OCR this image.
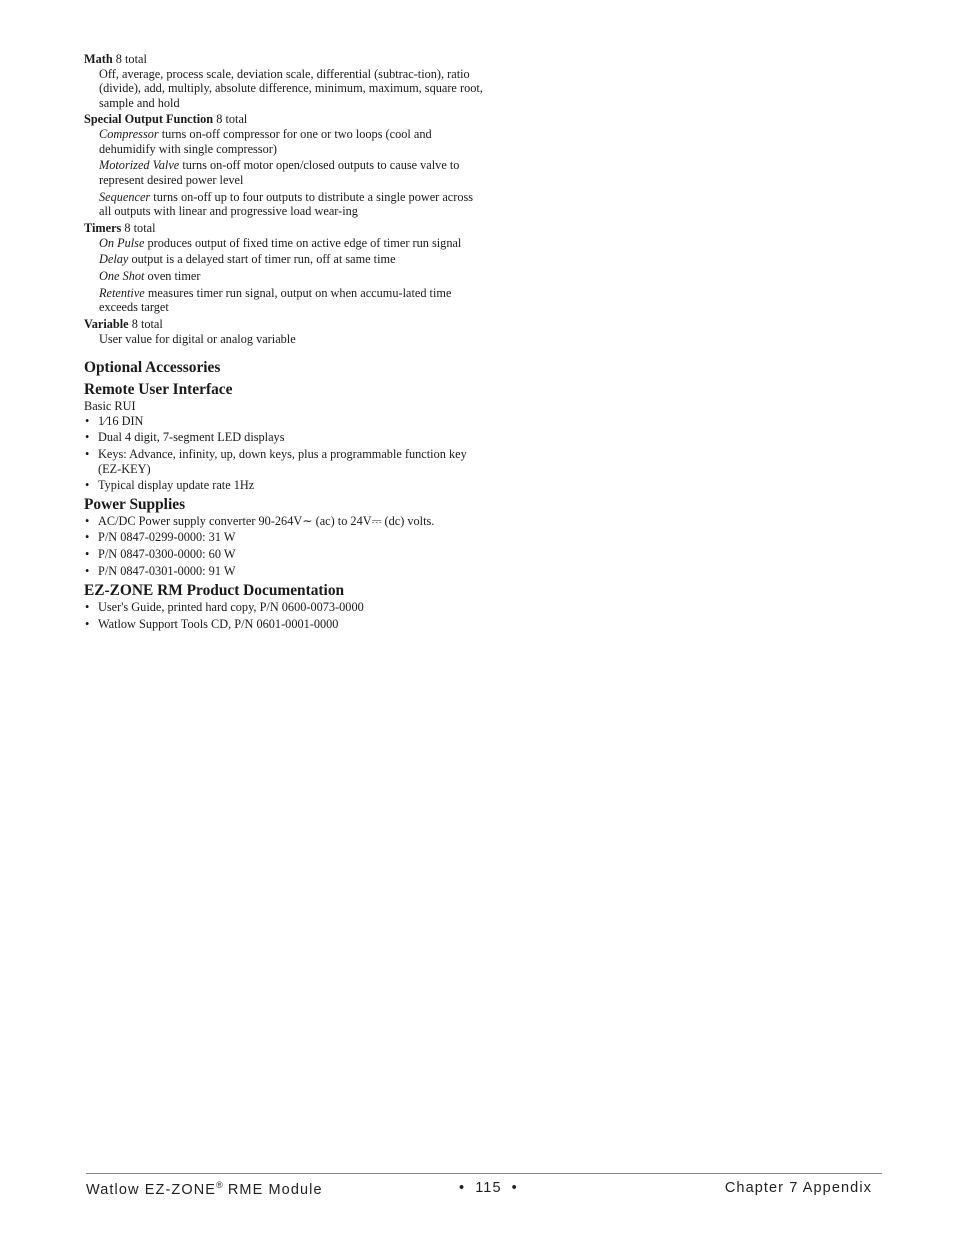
Math 8 total

Off, average, process scale, deviation scale, differential (subtrac-tion), ratio (divide), add, multiply, absolute difference, minimum, maximum, square root, sample and hold

Special Output Function 8 total

Compressor turns on-off compressor for one or two loops (cool and dehumidify with single compressor)

Motorized Valve turns on-off motor open/closed outputs to cause valve to represent desired power level

Sequencer turns on-off up to four outputs to distribute a single power across all outputs with linear and progressive load wear-ing

Timers 8 total

On Pulse produces output of fixed time on active edge of timer run signal

Delay output is a delayed start of timer run, off at same time

One Shot oven timer

Retentive measures timer run signal, output on when accumu-lated time exceeds target

Variable 8 total

User value for digital or analog variable

Optional Accessories
Remote User Interface

Basic RUI

• 1⁄16 DIN
• Dual 4 digit, 7-segment LED displays
• Keys: Advance, infinity, up, down keys, plus a programmable function key (EZ-KEY)
• Typical display update rate 1Hz
Power Supplies
• AC/DC Power supply converter 90-264V∼ (ac) to 24V⎓ (dc) volts.
• P/N 0847-0299-0000: 31 W
• P/N 0847-0300-0000: 60 W
• P/N 0847-0301-0000: 91 W
EZ-ZONE RM Product Documentation
• User's Guide, printed hard copy, P/N 0600-0073-0000
• Watlow Support Tools CD, P/N 0601-0001-0000
Watlow EZ-ZONE® RME Module	• 115 •	Chapter 7 Appendix
